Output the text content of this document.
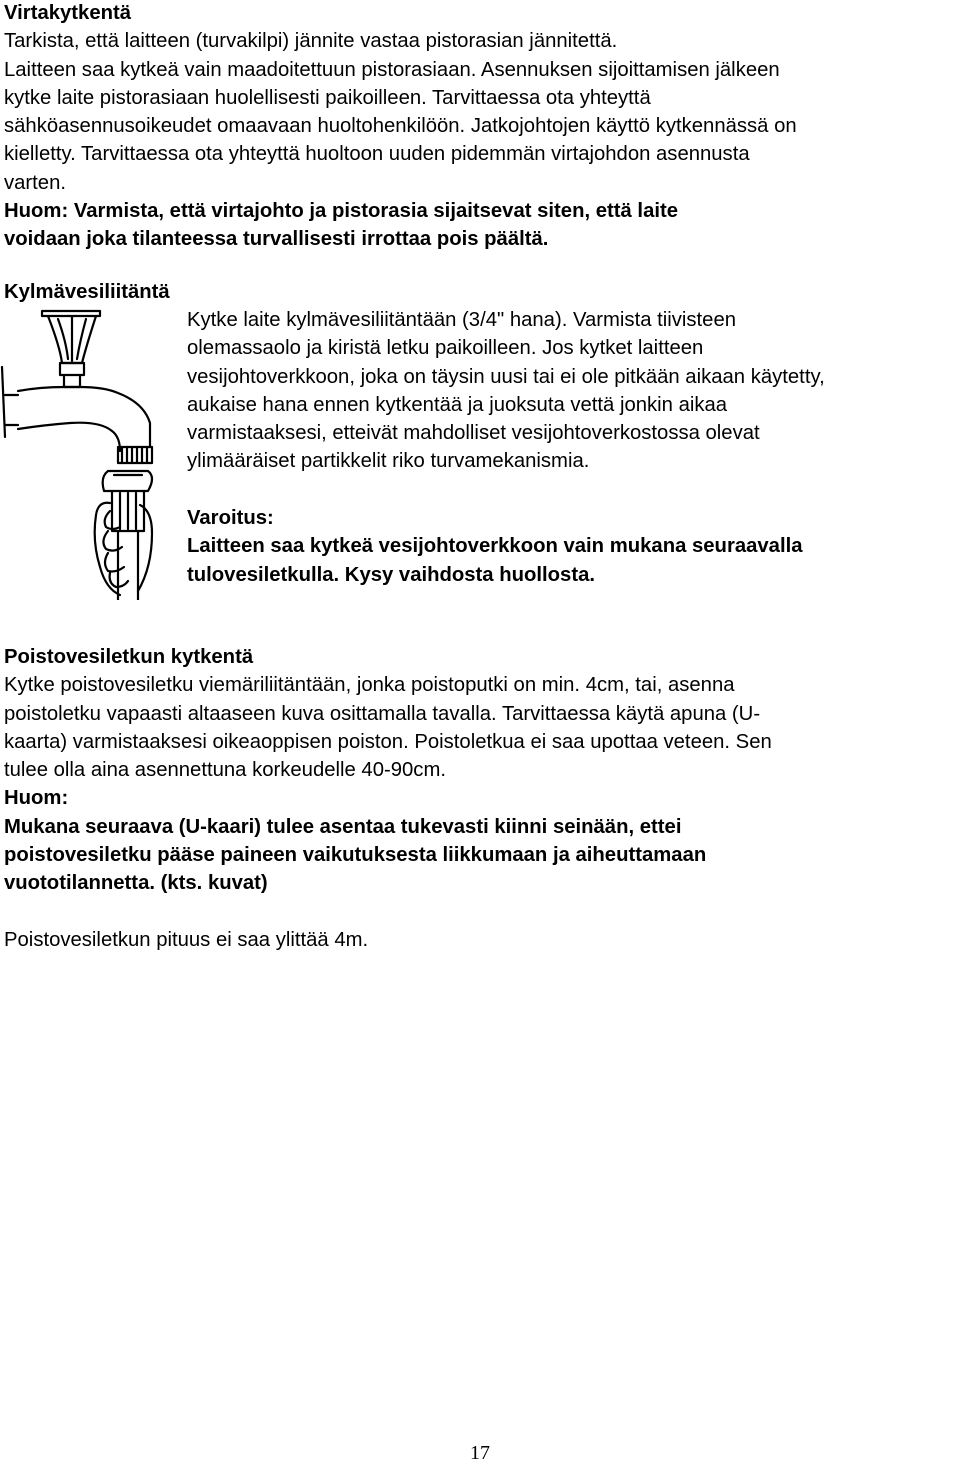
Virtakytkentä

Tarkista, että laitteen (turvakilpi) jännite vastaa pistorasian jännitettä.

Laitteen saa kytkeä vain maadoitettuun pistorasiaan. Asennuksen sijoittamisen jälkeen

kytke laite pistorasiaan huolellisesti paikoilleen. Tarvittaessa ota yhteyttä

sähköasennusoikeudet omaavaan huoltohenkilöön. Jatkojohtojen käyttö kytkennässä on

kielletty. Tarvittaessa ota yhteyttä huoltoon uuden pidemmän virtajohdon asennusta

varten.

Huom: Varmista, että virtajohto ja pistorasia sijaitsevat siten, että laite

voidaan joka tilanteessa turvallisesti irrottaa pois päältä.

Kylmävesiliitäntä

Kytke laite kylmävesiliitäntään (3/4" hana). Varmista tiivisteen

olemassaolo ja kiristä letku paikoilleen. Jos kytket laitteen

vesijohtoverkkoon, joka on täysin uusi tai ei ole pitkään aikaan käytetty,

aukaise hana ennen kytkentää ja juoksuta vettä jonkin aikaa

varmistaaksesi, etteivät mahdolliset vesijohtoverkostossa olevat

ylimääräiset partikkelit riko turvamekanismia.

Varoitus:

Laitteen saa kytkeä vesijohtoverkkoon vain mukana seuraavalla

tulovesiletkulla. Kysy vaihdosta huollosta.

Poistovesiletkun kytkentä

Kytke poistovesiletku viemäriliitäntään, jonka poistoputki on min. 4cm, tai, asenna

poistoletku vapaasti altaaseen kuva osittamalla tavalla. Tarvittaessa käytä apuna (U-

kaarta) varmistaaksesi oikeaoppisen poiston. Poistoletkua ei saa upottaa veteen. Sen

tulee olla aina asennettuna korkeudelle 40-90cm.

Huom:

Mukana seuraava (U-kaari) tulee asentaa tukevasti kiinni seinään, ettei

poistovesiletku pääse paineen vaikutuksesta liikkumaan ja aiheuttamaan

vuototilannetta. (kts. kuvat)

Poistovesiletkun pituus ei saa ylittää 4m.

17
